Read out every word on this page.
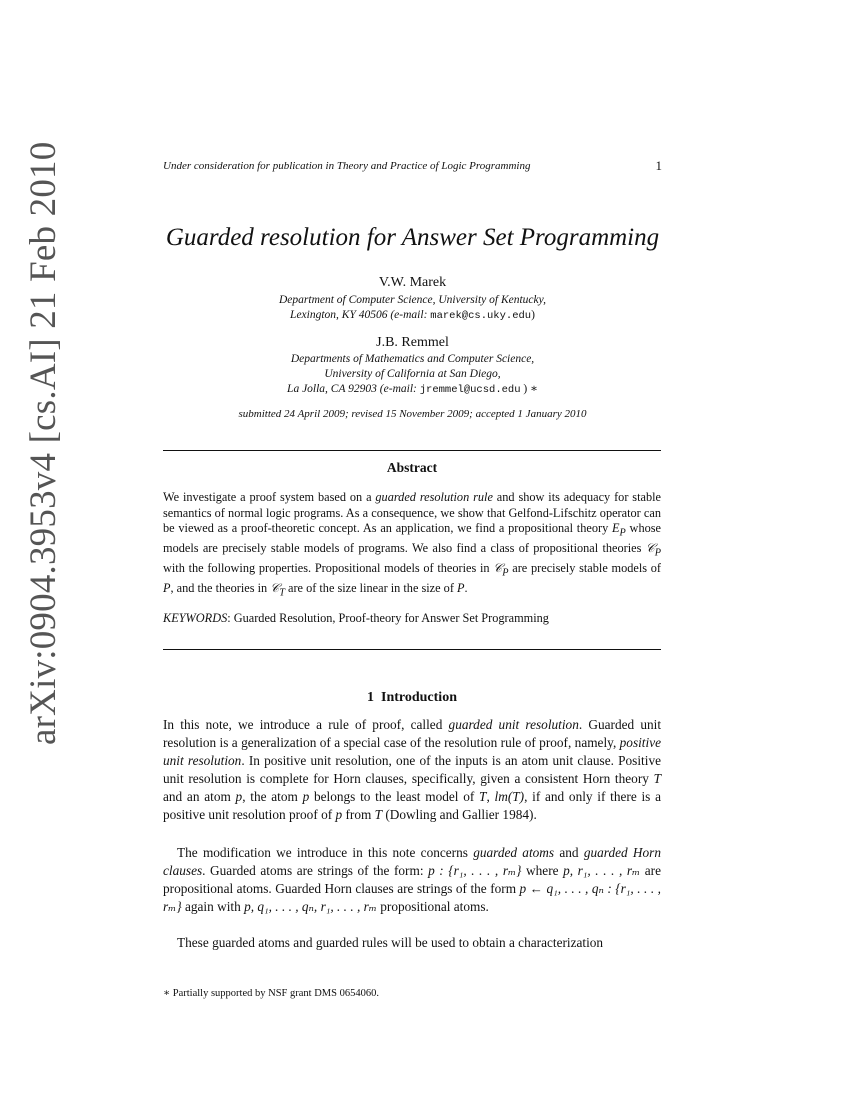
arXiv:0904.3953v4 [cs.AI] 21 Feb 2010	Under consideration for publication in Theory and Practice of Logic Programming	1
Guarded resolution for Answer Set Programming
V.W. Marek
Department of Computer Science, University of Kentucky,
Lexington, KY 40506 (e-mail: marek@cs.uky.edu)
J.B. Remmel
Departments of Mathematics and Computer Science,
University of California at San Diego,
La Jolla, CA 92903 (e-mail: jremmel@ucsd.edu ) ∗
submitted 24 April 2009; revised 15 November 2009; accepted 1 January 2010
Abstract
We investigate a proof system based on a guarded resolution rule and show its adequacy for stable semantics of normal logic programs. As a consequence, we show that Gelfond-Lifschitz operator can be viewed as a proof-theoretic concept. As an application, we find a propositional theory $E_P$ whose models are precisely stable models of programs. We also find a class of propositional theories 𝒞$_P$ with the following properties. Propositional models of theories in 𝒞$_P$ are precisely stable models of P, and the theories in 𝒞$_T$ are of the size linear in the size of P.
KEYWORDS: Guarded Resolution, Proof-theory for Answer Set Programming
1 Introduction
In this note, we introduce a rule of proof, called guarded unit resolution. Guarded unit resolution is a generalization of a special case of the resolution rule of proof, namely, positive unit resolution. In positive unit resolution, one of the inputs is an atom unit clause. Positive unit resolution is complete for Horn clauses, specifically, given a consistent Horn theory T and an atom p, the atom p belongs to the least model of T, lm(T), if and only if there is a positive unit resolution proof of p from T (Dowling and Gallier 1984).
The modification we introduce in this note concerns guarded atoms and guarded Horn clauses. Guarded atoms are strings of the form: p : {r₁, . . . , rₘ} where p, r₁, . . . , rₘ are propositional atoms. Guarded Horn clauses are strings of the form p ← q₁, . . . , qₙ : {r₁, . . . , rₘ} again with p, q₁, . . . , qₙ, r₁, . . . , rₘ propositional atoms.
These guarded atoms and guarded rules will be used to obtain a characterization
∗ Partially supported by NSF grant DMS 0654060.
